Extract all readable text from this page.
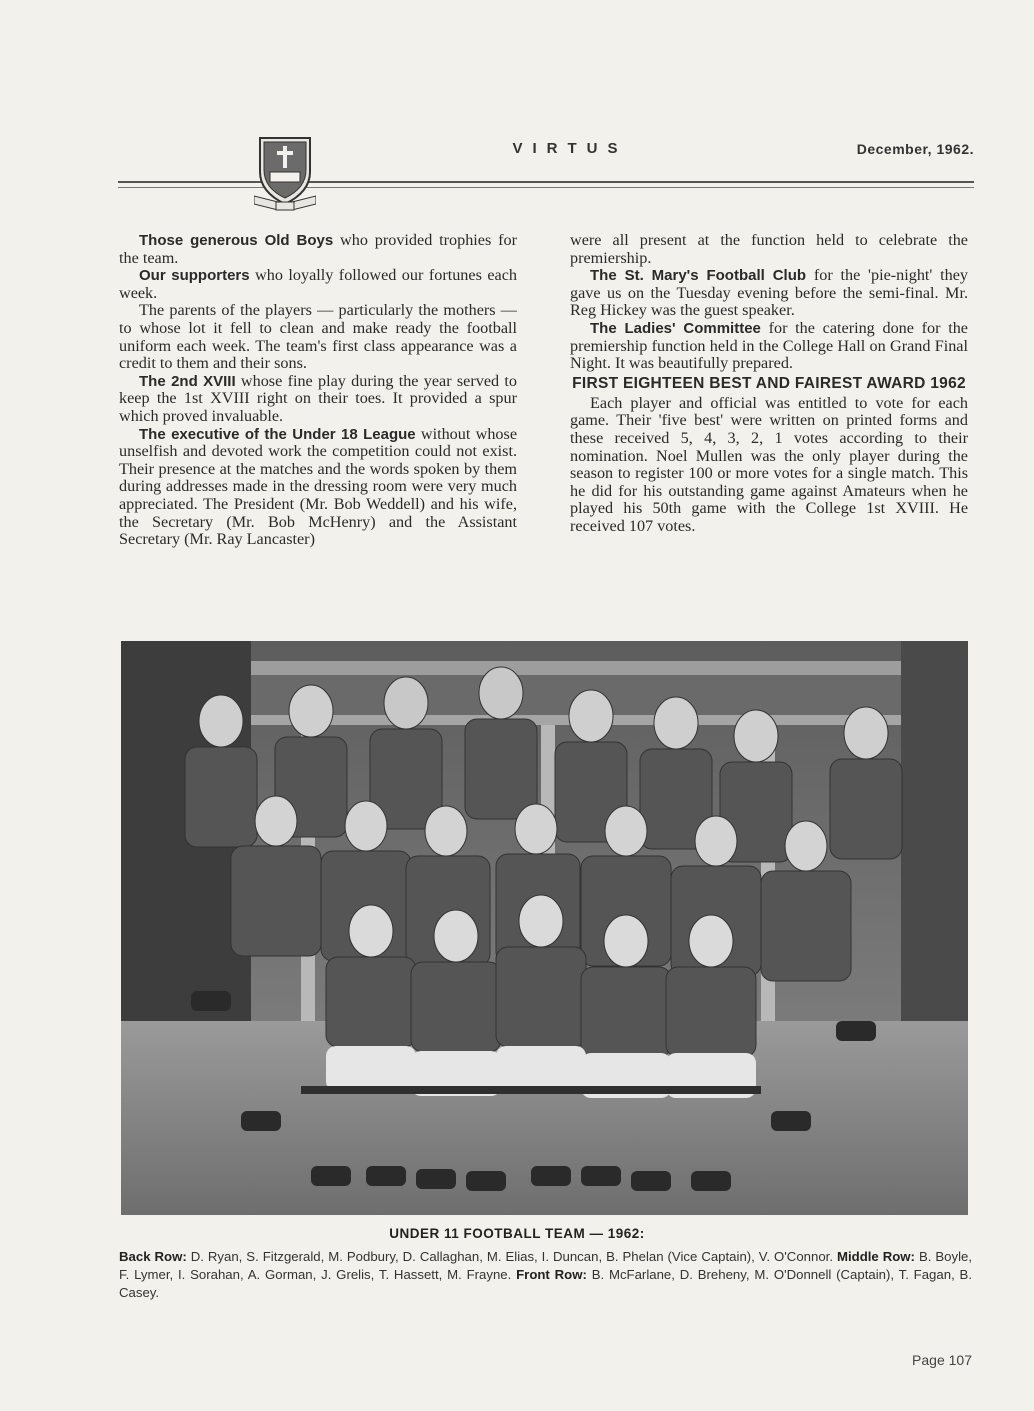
VIRTUS	December, 1962.

Those generous Old Boys who provided trophies for the team.

Our supporters who loyally followed our fortunes each week.

The parents of the players — particularly the mothers — to whose lot it fell to clean and make ready the football uniform each week. The team's first class appearance was a credit to them and their sons.

The 2nd XVIII whose fine play during the year served to keep the 1st XVIII right on their toes. It provided a spur which proved invaluable.

The executive of the Under 18 League without whose unselfish and devoted work the competition could not exist. Their presence at the matches and the words spoken by them during addresses made in the dressing room were very much appreciated. The President (Mr. Bob Weddell) and his wife, the Secretary (Mr. Bob McHenry) and the Assistant Secretary (Mr. Ray Lancaster)

were all present at the function held to celebrate the premiership.

The St. Mary's Football Club for the 'pie-night' they gave us on the Tuesday evening before the semi-final. Mr. Reg Hickey was the guest speaker.

The Ladies' Committee for the catering done for the premiership function held in the College Hall on Grand Final Night. It was beautifully prepared.

FIRST EIGHTEEN BEST AND FAIREST AWARD 1962

Each player and official was entitled to vote for each game. Their 'five best' were written on printed forms and these received 5, 4, 3, 2, 1 votes according to their nomination. Noel Mullen was the only player during the season to register 100 or more votes for a single match. This he did for his outstanding game against Amateurs when he played his 50th game with the College 1st XVIII. He received 107 votes.

UNDER 11 FOOTBALL TEAM — 1962:
Back Row: D. Ryan, S. Fitzgerald, M. Podbury, D. Callaghan, M. Elias, I. Duncan, B. Phelan (Vice Captain), V. O'Connor. Middle Row: B. Boyle, F. Lymer, I. Sorahan, A. Gorman, J. Grelis, T. Hassett, M. Frayne. Front Row: B. McFarlane, D. Breheny, M. O'Donnell (Captain), T. Fagan, B. Casey.
Page 107
